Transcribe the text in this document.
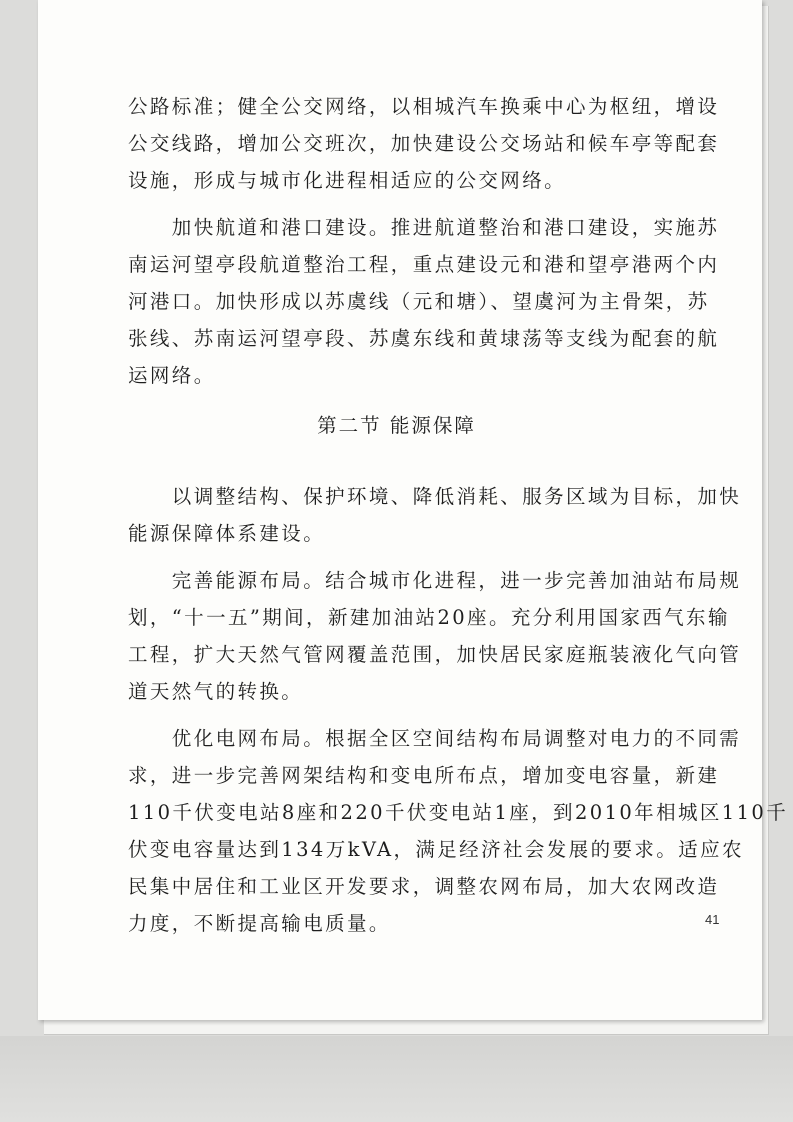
公路标准；健全公交网络，以相城汽车换乘中心为枢纽，增设
公交线路，增加公交班次，加快建设公交场站和候车亭等配套
设施，形成与城市化进程相适应的公交网络。
　　加快航道和港口建设。推进航道整治和港口建设，实施苏
南运河望亭段航道整治工程，重点建设元和港和望亭港两个内
河港口。加快形成以苏虞线（元和塘）、望虞河为主骨架，苏
张线、苏南运河望亭段、苏虞东线和黄埭荡等支线为配套的航
运网络。
第二节 能源保障
　　以调整结构、保护环境、降低消耗、服务区域为目标，加快
能源保障体系建设。
　　完善能源布局。结合城市化进程，进一步完善加油站布局规
划，“十一五”期间，新建加油站20座。充分利用国家西气东输
工程，扩大天然气管网覆盖范围，加快居民家庭瓶装液化气向管
道天然气的转换。
　　优化电网布局。根据全区空间结构布局调整对电力的不同需
求，进一步完善网架结构和变电所布点，增加变电容量，新建
110千伏变电站8座和220千伏变电站1座，到2010年相城区110千
伏变电容量达到134万kVA，满足经济社会发展的要求。适应农
民集中居住和工业区开发要求，调整农网布局，加大农网改造
力度，不断提高输电质量。	41
